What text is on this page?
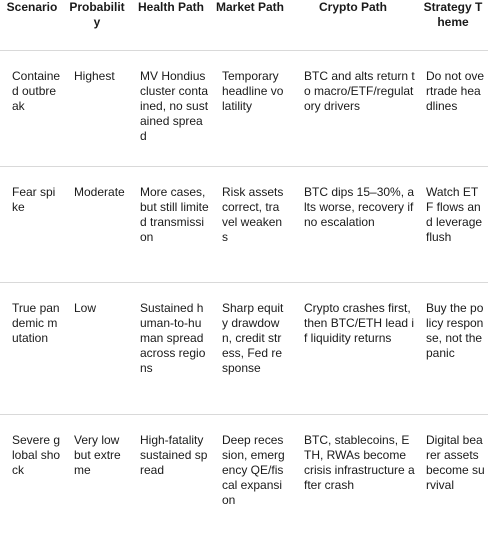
Scenario	Probability	Health Path	Market Path	Crypto Path	Strategy Theme
Contained outbreak	Highest	MV Hondius cluster contained, no sustained spread	Temporary headline volatility	BTC and alts return to macro/ETF/regulatory drivers	Do not overtrade headlines
Fear spike	Moderate	More cases, but still limited transmission	Risk assets correct, travel weakens	BTC dips 15–30%, alts worse, recovery if no escalation	Watch ETF flows and leverage flush
True pandemic mutation	Low	Sustained human-to-human spread across regions	Sharp equity drawdown, credit stress, Fed response	Crypto crashes first, then BTC/ETH lead if liquidity returns	Buy the policy response, not the panic
Severe global shock	Very low but extreme	High-fatality sustained spread	Deep recession, emergency QE/fiscal expansion	BTC, stablecoins, ETH, RWAs become crisis infrastructure after crash	Digital bearer assets become survival
